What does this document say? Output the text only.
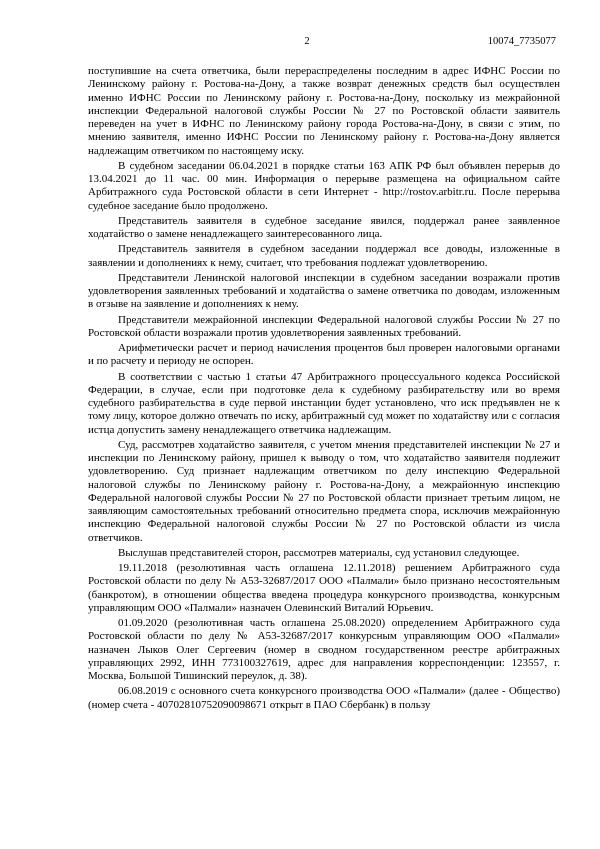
2	10074_7735077

поступившие на счета ответчика, были перераспределены последним в адрес ИФНС России по Ленинскому району г. Ростова-на-Дону, а также возврат денежных средств был осуществлен именно ИФНС России по Ленинскому району г. Ростова-на-Дону, поскольку из межрайонной инспекции Федеральной налоговой службы России № 27 по Ростовской области заявитель переведен на учет в ИФНС по Ленинскому району города Ростова-на-Дону, в связи с этим, по мнению заявителя, именно ИФНС России по Ленинскому району г. Ростова-на-Дону является надлежащим ответчиком по настоящему иску.

В судебном заседании 06.04.2021 в порядке статьи 163 АПК РФ был объявлен перерыв до 13.04.2021 до 11 час. 00 мин. Информация о перерыве размещена на официальном сайте Арбитражного суда Ростовской области в сети Интернет - http://rostov.arbitr.ru. После перерыва судебное заседание было продолжено.

Представитель заявителя в судебное заседание явился, поддержал ранее заявленное ходатайство о замене ненадлежащего заинтересованного лица.

Представитель заявителя в судебном заседании поддержал все доводы, изложенные в заявлении и дополнениях к нему, считает, что требования подлежат удовлетворению.

Представители Ленинской налоговой инспекции в судебном заседании возражали против удовлетворения заявленных требований и ходатайства о замене ответчика по доводам, изложенным в отзыве на заявление и дополнениях к нему.

Представители межрайонной инспекции Федеральной налоговой службы России № 27 по Ростовской области возражали против удовлетворения заявленных требований.

Арифметически расчет и период начисления процентов был проверен налоговыми органами и по расчету и периоду не оспорен.

В соответствии с частью 1 статьи 47 Арбитражного процессуального кодекса Российской Федерации, в случае, если при подготовке дела к судебному разбирательству или во время судебного разбирательства в суде первой инстанции будет установлено, что иск предъявлен не к тому лицу, которое должно отвечать по иску, арбитражный суд может по ходатайству или с согласия истца допустить замену ненадлежащего ответчика надлежащим.

Суд, рассмотрев ходатайство заявителя, с учетом мнения представителей инспекции № 27 и инспекции по Ленинскому району, пришел к выводу о том, что ходатайство заявителя подлежит удовлетворению. Суд признает надлежащим ответчиком по делу инспекцию Федеральной налоговой службы по Ленинскому району г. Ростова-на-Дону, а межрайонную инспекцию Федеральной налоговой службы России № 27 по Ростовской области признает третьим лицом, не заявляющим самостоятельных требований относительно предмета спора, исключив межрайонную инспекцию Федеральной налоговой службы России № 27 по Ростовской области из числа ответчиков.

Выслушав представителей сторон, рассмотрев материалы, суд установил следующее.

19.11.2018 (резолютивная часть оглашена 12.11.2018) решением Арбитражного суда Ростовской области по делу № А53-32687/2017 ООО «Палмали» было признано несостоятельным (банкротом), в отношении общества введена процедура конкурсного производства, конкурсным управляющим ООО «Палмали» назначен Олевинский Виталий Юрьевич.

01.09.2020 (резолютивная часть оглашена 25.08.2020) определением Арбитражного суда Ростовской области по делу № А53-32687/2017 конкурсным управляющим ООО «Палмали» назначен Лыков Олег Сергеевич (номер в сводном государственном реестре арбитражных управляющих 2992, ИНН 773100327619, адрес для направления корреспонденции: 123557, г. Москва, Большой Тишинский переулок, д. 38).

06.08.2019 с основного счета конкурсного производства ООО «Палмали» (далее - Общество) (номер счета - 40702810752090098671 открыт в ПАО Сбербанк) в пользу
